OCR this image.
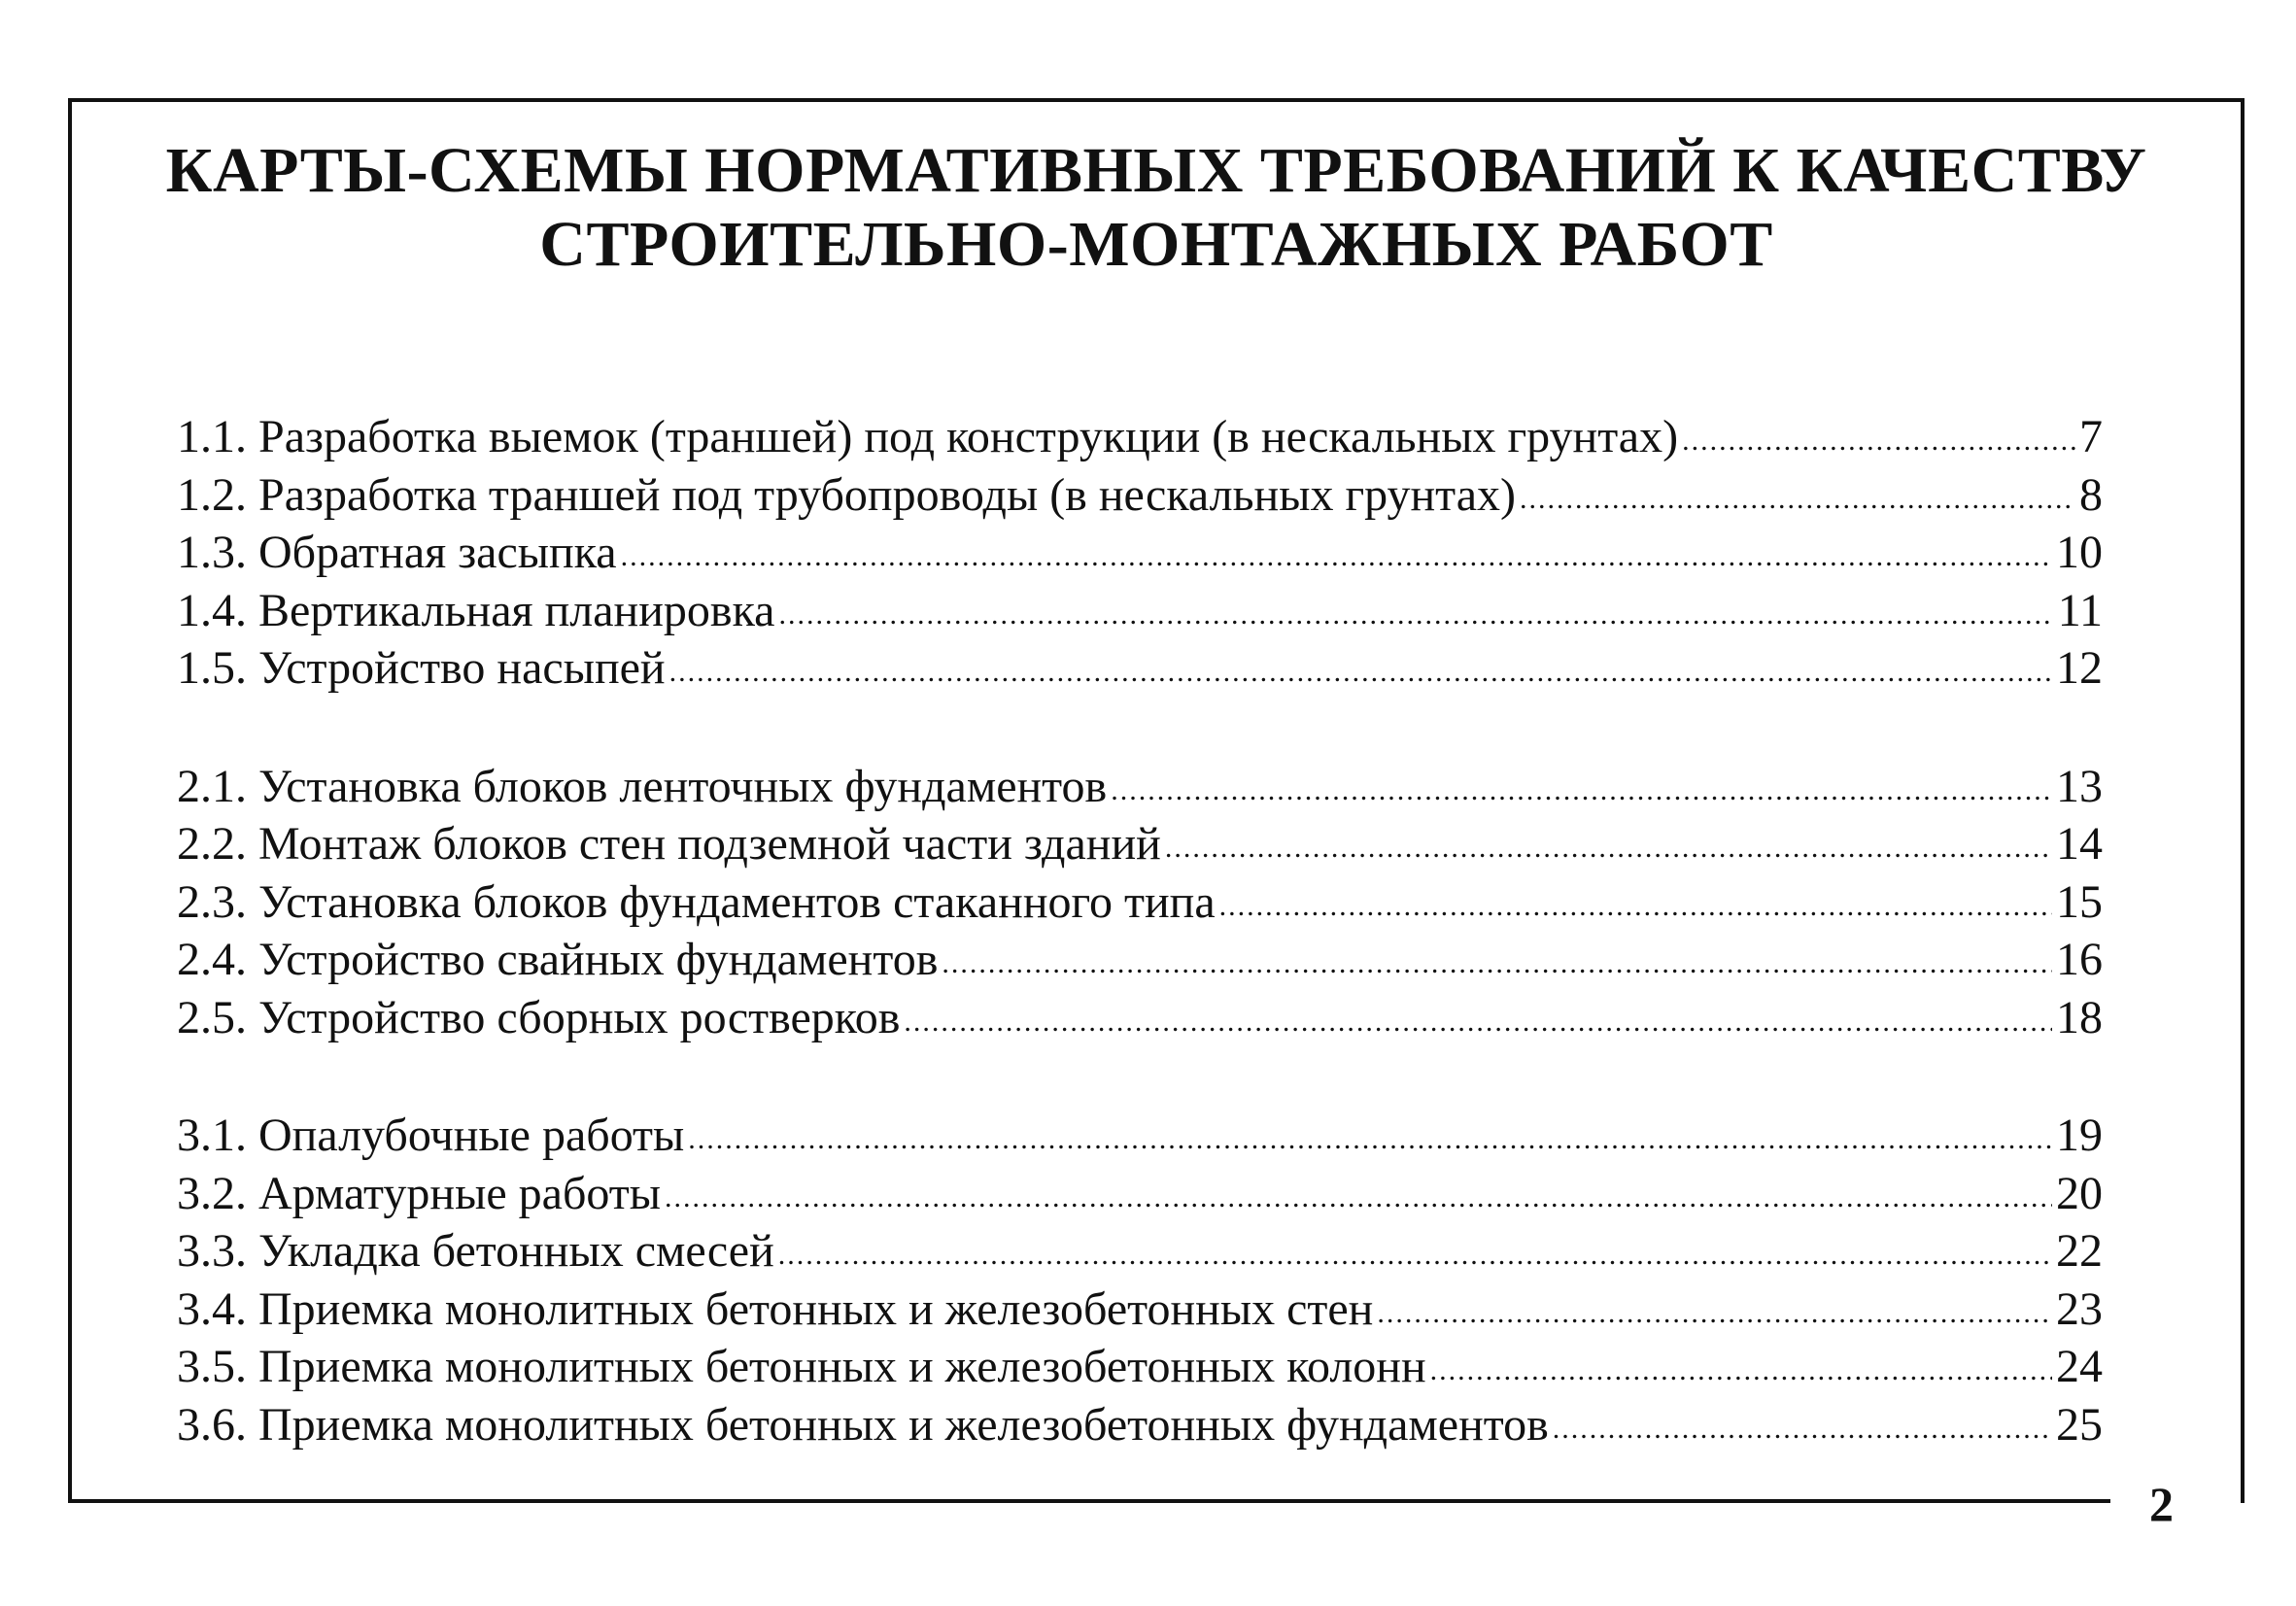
КАРТЫ-СХЕМЫ НОРМАТИВНЫХ ТРЕБОВАНИЙ К КАЧЕСТВУ
СТРОИТЕЛЬНО-МОНТАЖНЫХ РАБОТ
1.1. Разработка выемок (траншей) под конструкции (в нескальных грунтах) .....	7
1.2. Разработка траншей под трубопроводы (в нескальных грунтах) .....	8
1.3. Обратная засыпка .....	10
1.4. Вертикальная планировка .....	11
1.5. Устройство насыпей .....	12
2.1. Установка блоков ленточных фундаментов .....	13
2.2. Монтаж блоков стен подземной части зданий .....	14
2.3. Установка блоков фундаментов стаканного типа .....	15
2.4. Устройство свайных фундаментов .....	16
2.5. Устройство сборных ростверков .....	18
3.1. Опалубочные работы .....	19
3.2. Арматурные работы .....	20
3.3. Укладка бетонных смесей .....	22
3.4. Приемка монолитных бетонных и железобетонных стен .....	23
3.5. Приемка монолитных бетонных и железобетонных колонн .....	24
3.6. Приемка монолитных бетонных и железобетонных фундаментов .....	25
2
